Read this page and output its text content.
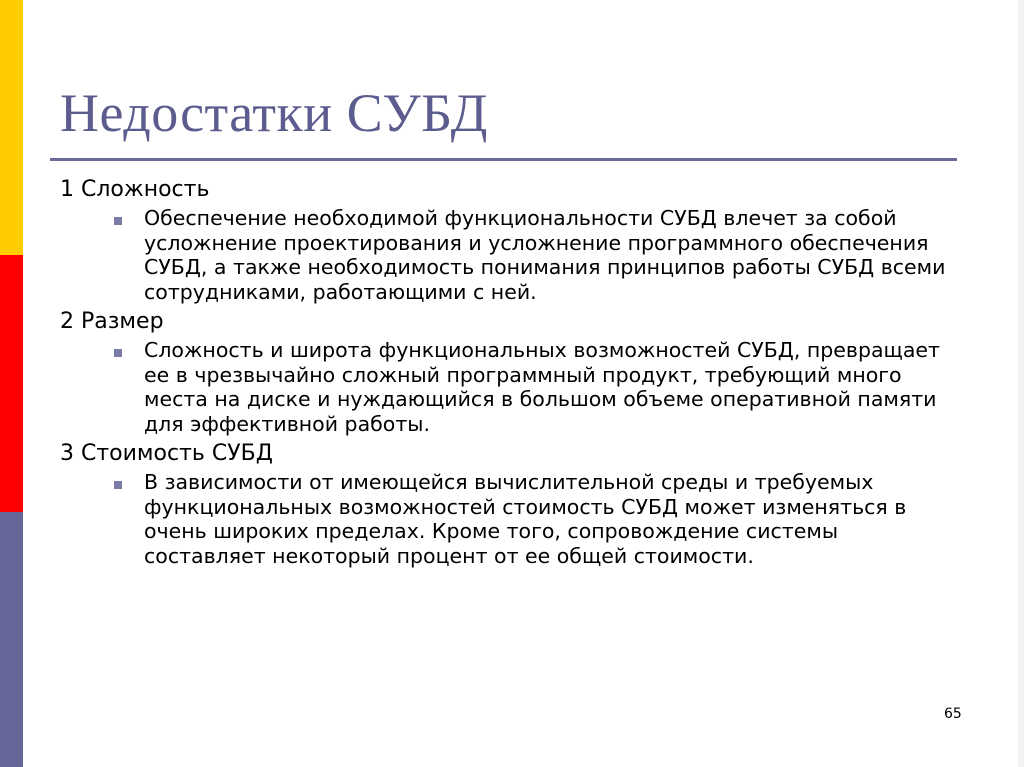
Недостатки СУБД

1 Сложность

Обеспечение необходимой функциональности СУБД влечет за собой усложнение проектирования и усложнение программного обеспечения СУБД, а также необходимость понимания принципов работы СУБД всеми сотрудниками, работающими с ней.

2 Размер

Сложность и широта функциональных возможностей СУБД, превращает ее в чрезвычайно сложный программный продукт, требующий много места на диске и нуждающийся в большом объеме оперативной памяти для эффективной работы.

3 Стоимость СУБД

В зависимости от имеющейся вычислительной среды и требуемых функциональных возможностей стоимость СУБД может изменяться в очень широких пределах. Кроме того, сопровождение системы составляет некоторый процент от ее общей стоимости.

65
